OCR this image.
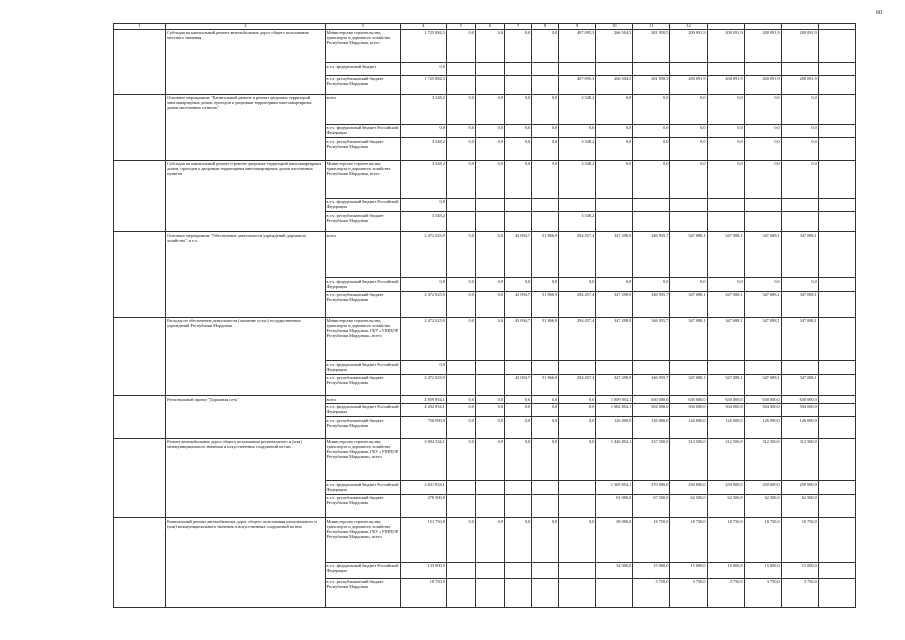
60
1	2	3	4	5	6	7	8	9	10	11	12				
	Субсидия на капитальный ремонт автомобильных дорог общего пользования местного значения	Министерство строительства, транспорта и дорожного хозяйства Республики Мордовия, всего	1 725 884,3	0,0	0,0	0,0	0,0	407 095,3	266 504,5	281 958,5	200 091,9	200 091,9	200 091,9	200 091,9	
		в т.ч. федеральный бюджет	0,0												
		в т.ч. республиканский бюджет Республики Мордовия	1 725 884,3					407 095,3	266 504,5	281 958,5	200 091,9	200 091,9	200 091,9	200 091,9	
	Основное мероприятие "Капитальный ремонт и ремонт дворовых территорий многоквартирных домов, проездов к дворовым территориям многоквартирных домов населенных пунктов"	всего	3 348,2	0,0	0,0	0,0	0,0	3 348,2	0,0	0,0	0,0	0,0	0,0	0,0	
		в т.ч. федеральный бюджет Российской Федерации	0,0	0,0	0,0	0,0	0,0	0,0	0,0	0,0	0,0	0,0	0,0	0,0	
		в т.ч. республиканский бюджет Республики Мордовия	3 348,2	0,0	0,0	0,0	0,0	3 348,2	0,0	0,0	0,0	0,0	0,0	0,0	
	Субсидия на капитальный ремонт и ремонт дворовых территорий многоквартирных домов, проездов к дворовым территориям многоквартирных домов населенных пунктов	Министерство строительства, транспорта и дорожного хозяйства Республики Мордовия, всего	3 348,2	0,0	0,0	0,0	0,0	3 348,2	0,0	0,0	0,0	0,0	0,0	0,0	
		в т.ч. федеральный бюджет Российской Федерации	0,0												
		в т.ч. республиканский бюджет Республики Мордовия	3 348,2					3 348,2							
	Основное мероприятие "Обеспечение деятельности учреждений дорожного хозяйства", в т.ч.	всего	2 472 025,9	0,0	0,0	43 094,7	51 866,9	294 457,4	347 298,9	346 955,7	347 088,1	347 088,1	347 088,1	347 088,1	
		в т.ч. федеральный бюджет Российской Федерации	0,0	0,0	0,0	0,0	0,0	0,0	0,0	0,0	0,0	0,0	0,0	0,0	
		в т.ч. республиканский бюджет Республики Мордовия	2 472 025,9	0,0	0,0	43 094,7	51 866,9	294 457,4	347 298,9	346 955,7	347 088,1	347 088,1	347 088,1	347 088,1	
	Расходы на обеспечение деятельности (оказание услуг) государственных учреждений Республики Мордовия	Министерство строительства, транспорта и дорожного хозяйства Республики Мордовия, ГКУ «УПРДОР Республики Мордовия», всего	2 472 025,9	0,0	0,0	43 094,7	51 866,9	294 457,4	347 298,9	346 955,7	347 088,1	347 088,1	347 088,1	347 088,1	
		в т.ч. федеральный бюджет Российской Федерации	0,0												
		в т.ч. республиканский бюджет Республики Мордовия	2 472 025,9			43 094,7	51 866,9	294 457,4	347 298,9	346 955,7	347 088,1	347 088,1	347 088,1	347 088,1	
	Региональный проект "Дорожная сеть"	всего	4 859 854,1	0,0	0,0	0,0	0,0	0,0	1 809 854,1	630 000,0	630 000,0	630 000,0	630 000,0	630 000,0	
		в т.ч. федеральный бюджет Российской Федерации	4 202 854,1	0,0	0,0	0,0	0,0	0,0	1 682 854,1	504 000,0	504 000,0	504 000,0	504 000,0	504 000,0	
		в т.ч. республиканский бюджет Республики Мордовия	756 000,0	0,0	0,0	0,0	0,0	0,0	126 000,0	126 000,0	126 000,0	126 000,0	126 000,0	126 000,0	
	Ремонт автомобильных дорог общего пользования регионального и (или) межмуниципального значения и искусственных сооружений на них	Министерство строительства, транспорта и дорожного хозяйства Республики Мордовия, ГКУ «УПРДОР Республики Мордовия», всего	3 904 334,1	0,0	0,0	0,0	0,0	0,0	1 426 854,1	337 500,0	312 500,0	312 500,0	312 500,0	312 500,0	
		в т.ч. федеральный бюджет Российской Федерации	2 631 834,1						1 365 854,1	270 000,0	250 000,0	250 000,0	250 000,0	250 000,0	
		в т.ч. республиканский бюджет Республики Мордовия	378 500,0						61 000,0	67 500,0	62 500,0	62 500,0	62 500,0	62 500,0	
	Капитальный ремонт автомобильных дорог общего пользования регионального и (или) межмуниципального значения и искусственных сооружений на них	Министерство строительства, транспорта и дорожного хозяйства Республики Мордовия, ГКУ «УПРДОР Республики Мордовия», всего	151 750,0	0,0	0,0	0,0	0,0	0,0	58 000,0	18 750,0	18 750,0	18 750,0	18 750,0	18 750,0	
		в т.ч. федеральный бюджет Российской Федерации	133 000,0						54 000,0	15 000,0	15 000,0	15 000,0	15 000,0	15 000,0	
		в т.ч. республиканский бюджет Республики Мордовия	18 750,0							3 750,0	3 750,0	3 750,0	3 750,0	3 750,0	
